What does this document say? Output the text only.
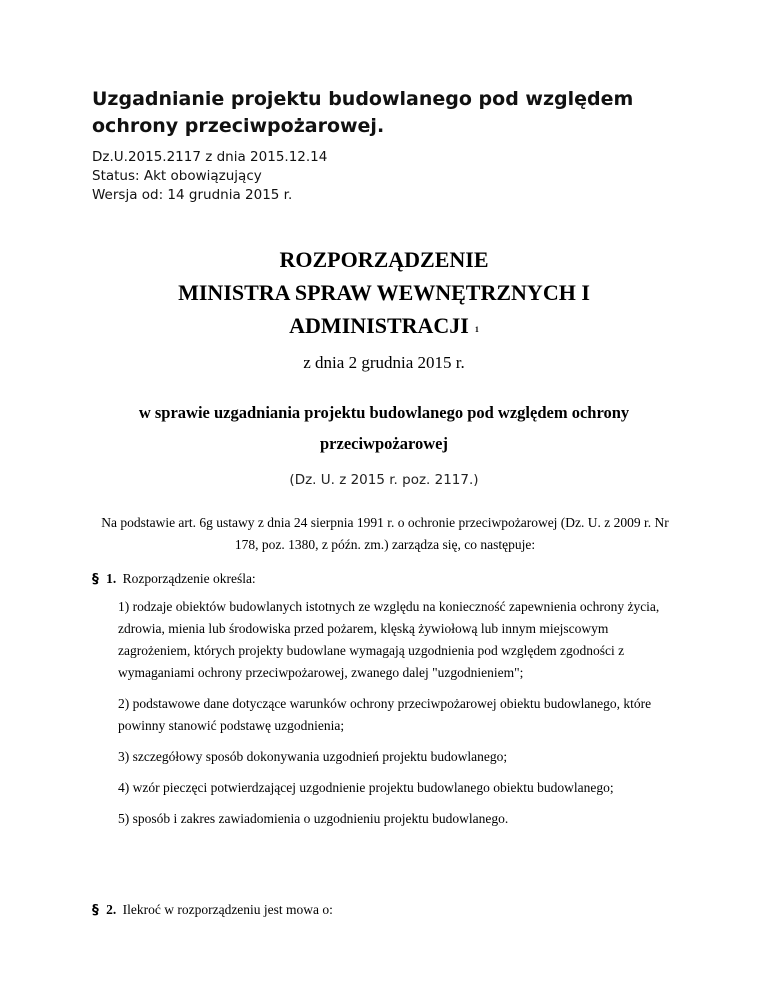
Uzgadnianie projektu budowlanego pod względem ochrony przeciwpożarowej.
Dz.U.2015.2117 z dnia 2015.12.14
Status: Akt obowiązujący
Wersja od: 14 grudnia 2015 r.
ROZPORZĄDZENIE
MINISTRA SPRAW WEWNĘTRZNYCH I
ADMINISTRACJI $^1$
z dnia 2 grudnia 2015 r.
w sprawie uzgadniania projektu budowlanego pod względem ochrony przeciwpożarowej
(Dz. U. z 2015 r. poz. 2117.)
Na podstawie art. 6g ustawy z dnia 24 sierpnia 1991 r. o ochronie przeciwpożarowej (Dz. U. z 2009 r. Nr 178, poz. 1380, z późn. zm.) zarządza się, co następuje:
§ 1. Rozporządzenie określa:
1) rodzaje obiektów budowlanych istotnych ze względu na konieczność zapewnienia ochrony życia, zdrowia, mienia lub środowiska przed pożarem, klęską żywiołową lub innym miejscowym zagrożeniem, których projekty budowlane wymagają uzgodnienia pod względem zgodności z wymaganiami ochrony przeciwpożarowej, zwanego dalej "uzgodnieniem";
2) podstawowe dane dotyczące warunków ochrony przeciwpożarowej obiektu budowlanego, które powinny stanowić podstawę uzgodnienia;
3) szczegółowy sposób dokonywania uzgodnień projektu budowlanego;
4) wzór pieczęci potwierdzającej uzgodnienie projektu budowlanego obiektu budowlanego;
5) sposób i zakres zawiadomienia o uzgodnieniu projektu budowlanego.
§ 2. Ilekroć w rozporządzeniu jest mowa o:
